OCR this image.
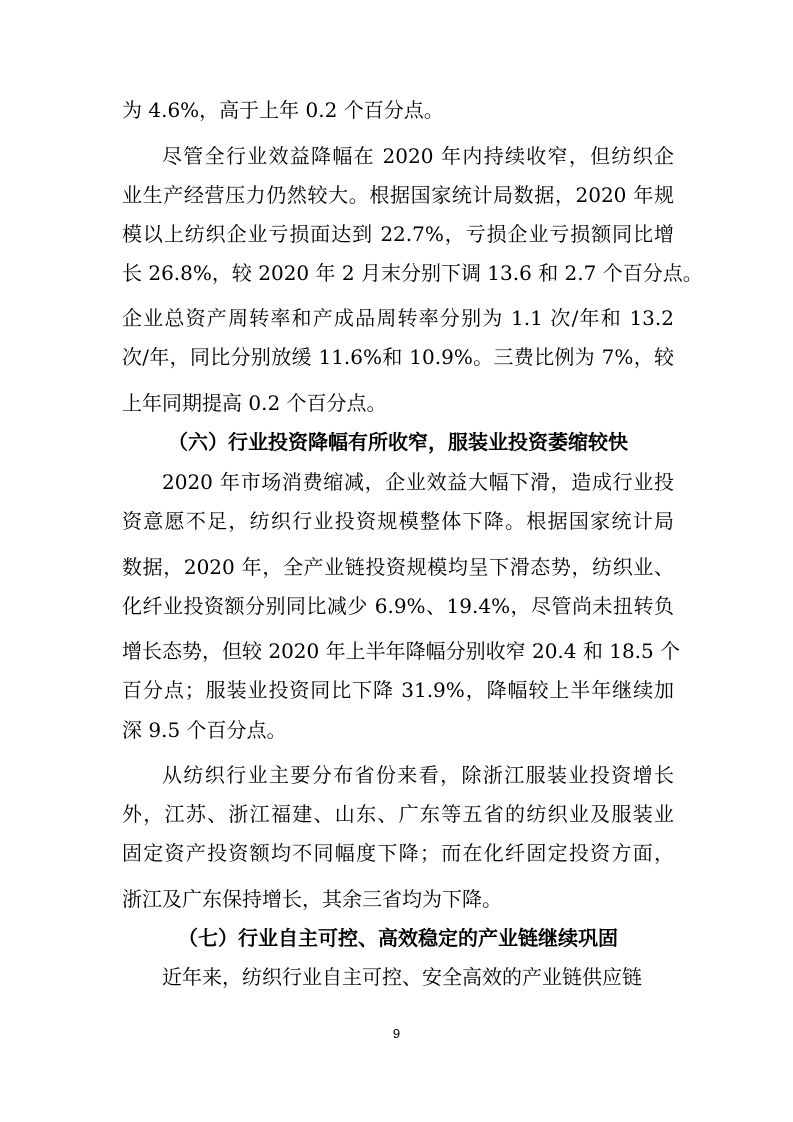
为 4.6%，高于上年 0.2 个百分点。
尽管全行业效益降幅在 2020 年内持续收窄，但纺织企
业生产经营压力仍然较大。根据国家统计局数据，2020 年规
模以上纺织企业亏损面达到 22.7%，亏损企业亏损额同比增
长 26.8%，较 2020 年 2 月末分别下调 13.6 和 2.7 个百分点。
企业总资产周转率和产成品周转率分别为 1.1 次/年和 13.2
次/年，同比分别放缓 11.6%和 10.9%。三费比例为 7%，较
上年同期提高 0.2 个百分点。
（六）行业投资降幅有所收窄，服装业投资萎缩较快
2020 年市场消费缩减，企业效益大幅下滑，造成行业投
资意愿不足，纺织行业投资规模整体下降。根据国家统计局
数据，2020 年，全产业链投资规模均呈下滑态势，纺织业、
化纤业投资额分别同比减少 6.9%、19.4%，尽管尚未扭转负
增长态势，但较 2020 年上半年降幅分别收窄 20.4 和 18.5 个
百分点；服装业投资同比下降 31.9%，降幅较上半年继续加
深 9.5 个百分点。
从纺织行业主要分布省份来看，除浙江服装业投资增长
外，江苏、浙江福建、山东、广东等五省的纺织业及服装业
固定资产投资额均不同幅度下降；而在化纤固定投资方面，
浙江及广东保持增长，其余三省均为下降。
（七）行业自主可控、高效稳定的产业链继续巩固
近年来，纺织行业自主可控、安全高效的产业链供应链
9
